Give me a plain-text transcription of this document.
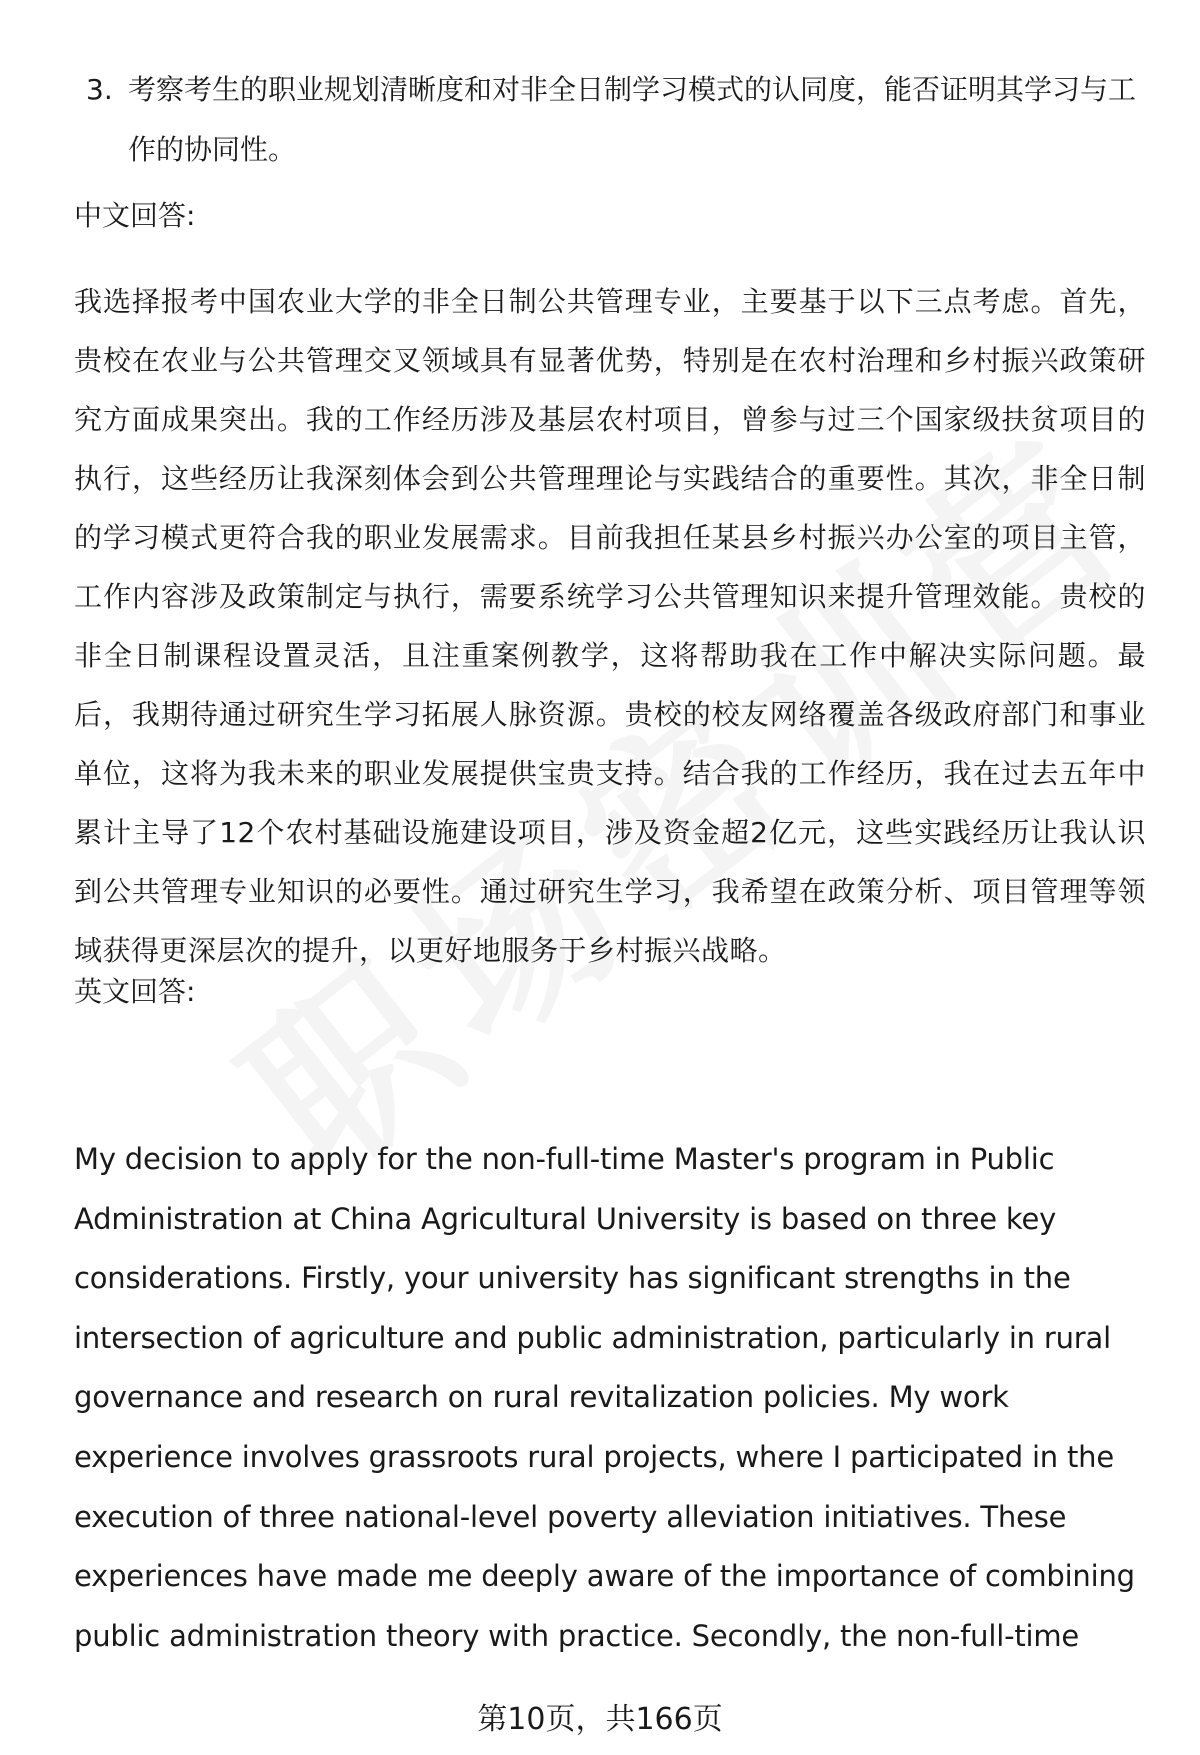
3. 考察考生的职业规划清晰度和对非全日制学习模式的认同度，能否证明其学习与工作的协同性。
中文回答:
我选择报考中国农业大学的非全日制公共管理专业，主要基于以下三点考虑。首先，贵校在农业与公共管理交叉领域具有显著优势，特别是在农村治理和乡村振兴政策研究方面成果突出。我的工作经历涉及基层农村项目，曾参与过三个国家级扶贫项目的执行，这些经历让我深刻体会到公共管理理论与实践结合的重要性。其次，非全日制的学习模式更符合我的职业发展需求。目前我担任某县乡村振兴办公室的项目主管，工作内容涉及政策制定与执行，需要系统学习公共管理知识来提升管理效能。贵校的非全日制课程设置灵活，且注重案例教学，这将帮助我在工作中解决实际问题。最后，我期待通过研究生学习拓展人脉资源。贵校的校友网络覆盖各级政府部门和事业单位，这将为我未来的职业发展提供宝贵支持。结合我的工作经历，我在过去五年中累计主导了12个农村基础设施建设项目，涉及资金超2亿元，这些实践经历让我认识到公共管理专业知识的必要性。通过研究生学习，我希望在政策分析、项目管理等领域获得更深层次的提升，以更好地服务于乡村振兴战略。
英文回答:
My decision to apply for the non-full-time Master's program in Public Administration at China Agricultural University is based on three key considerations. Firstly, your university has significant strengths in the intersection of agriculture and public administration, particularly in rural governance and research on rural revitalization policies. My work experience involves grassroots rural projects, where I participated in the execution of three national-level poverty alleviation initiatives. These experiences have made me deeply aware of the importance of combining public administration theory with practice. Secondly, the non-full-time
第10页，共166页
